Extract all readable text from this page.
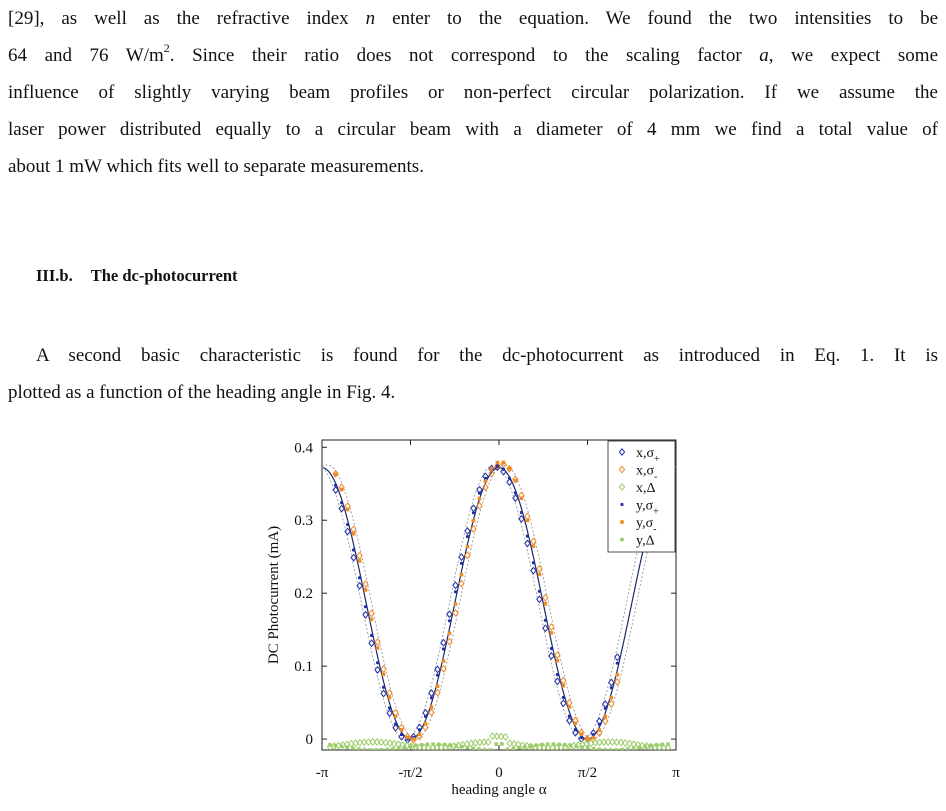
[29], as well as the refractive index n enter to the equation. We found the two intensities to be
64 and 76 $W/m^2$. Since their ratio does not correspond to the scaling factor a, we expect some
influence of slightly varying beam profiles or non-perfect circular polarization. If we assume the
laser power distributed equally to a circular beam with a diameter of 4 mm we find a total value of
about 1 mW which fits well to separate measurements.
III.b. The dc-photocurrent
A second basic characteristic is found for the dc-photocurrent as introduced in Eq. 1. It is
plotted as a function of the heading angle in Fig. 4.
-π	-π/2	0	π/2	π
0
0.1
0.2
0.3
0.4
heading angle α
DC Photocurrent (mA)
$x,\sigma_+$
$x,\sigma_-$
x,Δ
$y,\sigma_+$
$y,\sigma_-$
y,Δ
